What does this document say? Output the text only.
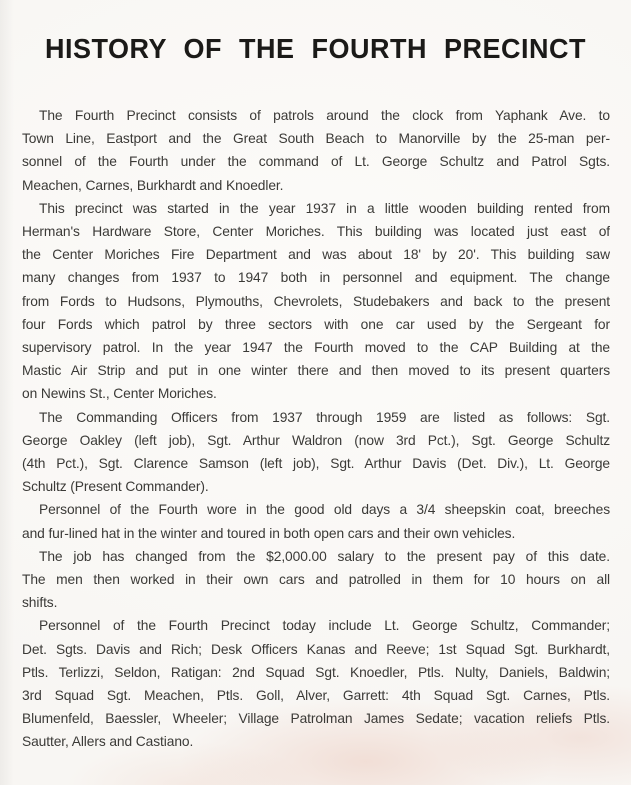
HISTORY OF THE FOURTH PRECINCT

The Fourth Precinct consists of patrols around the clock from Yaphank Ave. to
Town Line, Eastport and the Great South Beach to Manorville by the 25-man per-
sonnel of the Fourth under the command of Lt. George Schultz and Patrol Sgts.
Meachen, Carnes, Burkhardt and Knoedler.

This precinct was started in the year 1937 in a little wooden building rented from
Herman's Hardware Store, Center Moriches. This building was located just east of
the Center Moriches Fire Department and was about 18' by 20'. This building saw
many changes from 1937 to 1947 both in personnel and equipment. The change
from Fords to Hudsons, Plymouths, Chevrolets, Studebakers and back to the present
four Fords which patrol by three sectors with one car used by the Sergeant for
supervisory patrol. In the year 1947 the Fourth moved to the CAP Building at the
Mastic Air Strip and put in one winter there and then moved to its present quarters
on Newins St., Center Moriches.

The Commanding Officers from 1937 through 1959 are listed as follows: Sgt.
George Oakley (left job), Sgt. Arthur Waldron (now 3rd Pct.), Sgt. George Schultz
(4th Pct.), Sgt. Clarence Samson (left job), Sgt. Arthur Davis (Det. Div.), Lt. George
Schultz (Present Commander).

Personnel of the Fourth wore in the good old days a 3/4 sheepskin coat, breeches
and fur-lined hat in the winter and toured in both open cars and their own vehicles.

The job has changed from the $2,000.00 salary to the present pay of this date.
The men then worked in their own cars and patrolled in them for 10 hours on all
shifts.

Personnel of the Fourth Precinct today include Lt. George Schultz, Commander;
Det. Sgts. Davis and Rich; Desk Officers Kanas and Reeve; 1st Squad Sgt. Burkhardt,
Ptls. Terlizzi, Seldon, Ratigan: 2nd Squad Sgt. Knoedler, Ptls. Nulty, Daniels, Baldwin;
3rd Squad Sgt. Meachen, Ptls. Goll, Alver, Garrett: 4th Squad Sgt. Carnes, Ptls.
Blumenfeld, Baessler, Wheeler; Village Patrolman James Sedate; vacation reliefs Ptls.
Sautter, Allers and Castiano.
